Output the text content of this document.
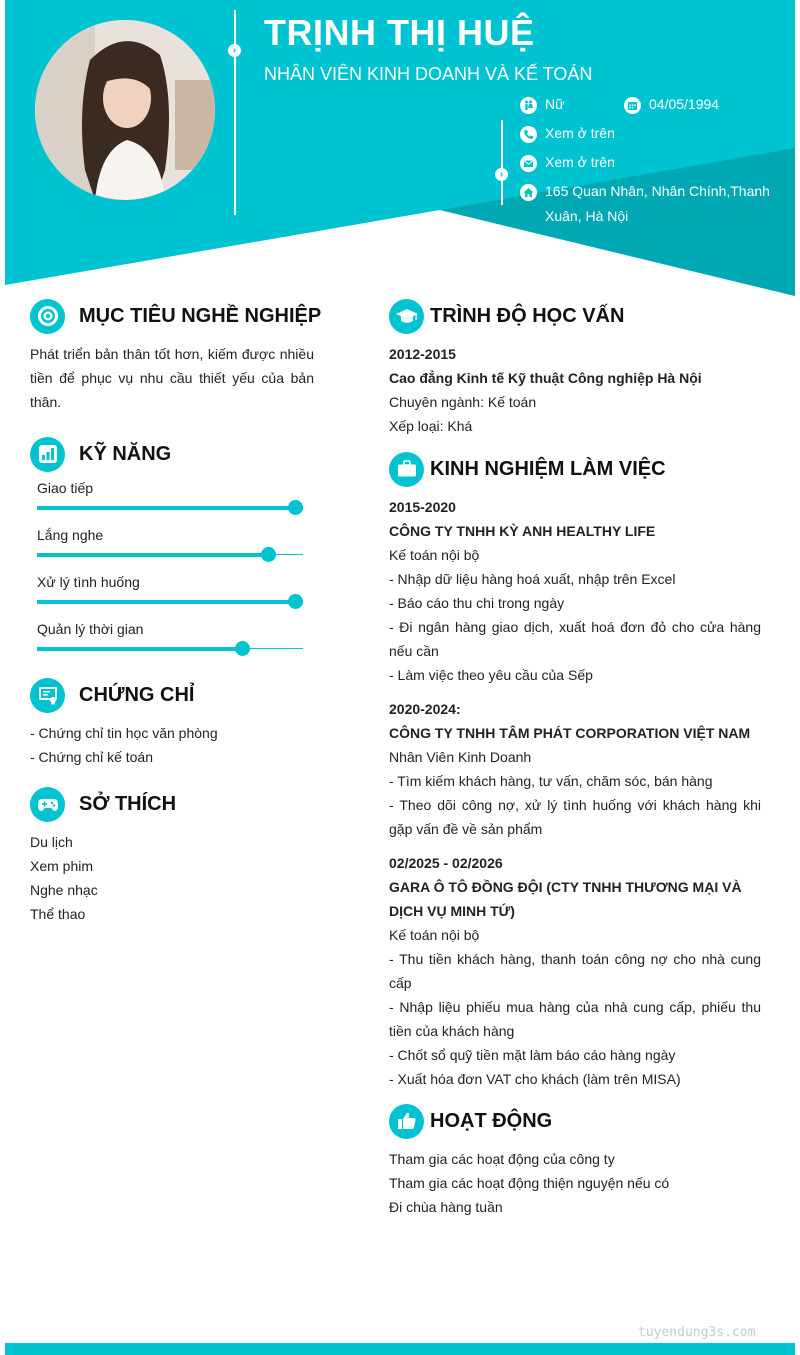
›
›
TRỊNH THỊ HUỆ
NHÂN VIÊN KINH DOANH VÀ KẾ TOÁN
Nữ	04/05/1994
Xem ở trên
Xem ở trên
165 Quan Nhân, Nhân Chính,Thanh Xuân, Hà Nội
MỤC TIÊU NGHỀ NGHIỆP
Phát triển bản thân tốt hơn, kiếm được nhiều tiền để phục vụ nhu cầu thiết yếu của bản thân.
KỸ NĂNG
Giao tiếp
Lắng nghe
Xử lý tình huống
Quản lý thời gian
CHỨNG CHỈ
- Chứng chỉ tin học văn phòng
- Chứng chỉ kế toán
SỞ THÍCH
Du lịch
Xem phim
Nghe nhạc
Thể thao
TRÌNH ĐỘ HỌC VẤN
2012-2015
Cao đẳng Kinh tế Kỹ thuật Công nghiệp Hà Nội
Chuyên ngành: Kế toán
Xếp loại: Khá
KINH NGHIỆM LÀM VIỆC
2015-2020
CÔNG TY TNHH KỲ ANH HEALTHY LIFE
Kế toán nội bộ
- Nhập dữ liệu hàng hoá xuất, nhập trên Excel
- Báo cáo thu chi trong ngày
- Đi ngân hàng giao dịch, xuất hoá đơn đỏ cho cửa hàng nếu cần
- Làm việc theo yêu cầu của Sếp
2020-2024:
CÔNG TY TNHH TÂM PHÁT CORPORATION VIỆT NAM
Nhân Viên Kinh Doanh
- Tìm kiếm khách hàng, tư vấn, chăm sóc, bán hàng
- Theo dõi công nợ, xử lý tình huống với khách hàng khi gặp vấn đề về sản phẩm
02/2025 - 02/2026
GARA Ô TÔ ĐỒNG ĐỘI (CTY TNHH THƯƠNG MẠI VÀ DỊCH VỤ MINH TỨ)
Kế toán nội bộ
- Thu tiền khách hàng, thanh toán công nợ cho nhà cung cấp
- Nhập liệu phiếu mua hàng của nhà cung cấp, phiếu thu tiền của khách hàng
- Chốt sổ quỹ tiền mặt làm báo cáo hàng ngày
- Xuất hóa đơn VAT cho khách (làm trên MISA)
HOẠT ĐỘNG
Tham gia các hoạt động của công ty
Tham gia các hoạt động thiện nguyện nếu có
Đi chùa hàng tuần
tuyendung3s.com
